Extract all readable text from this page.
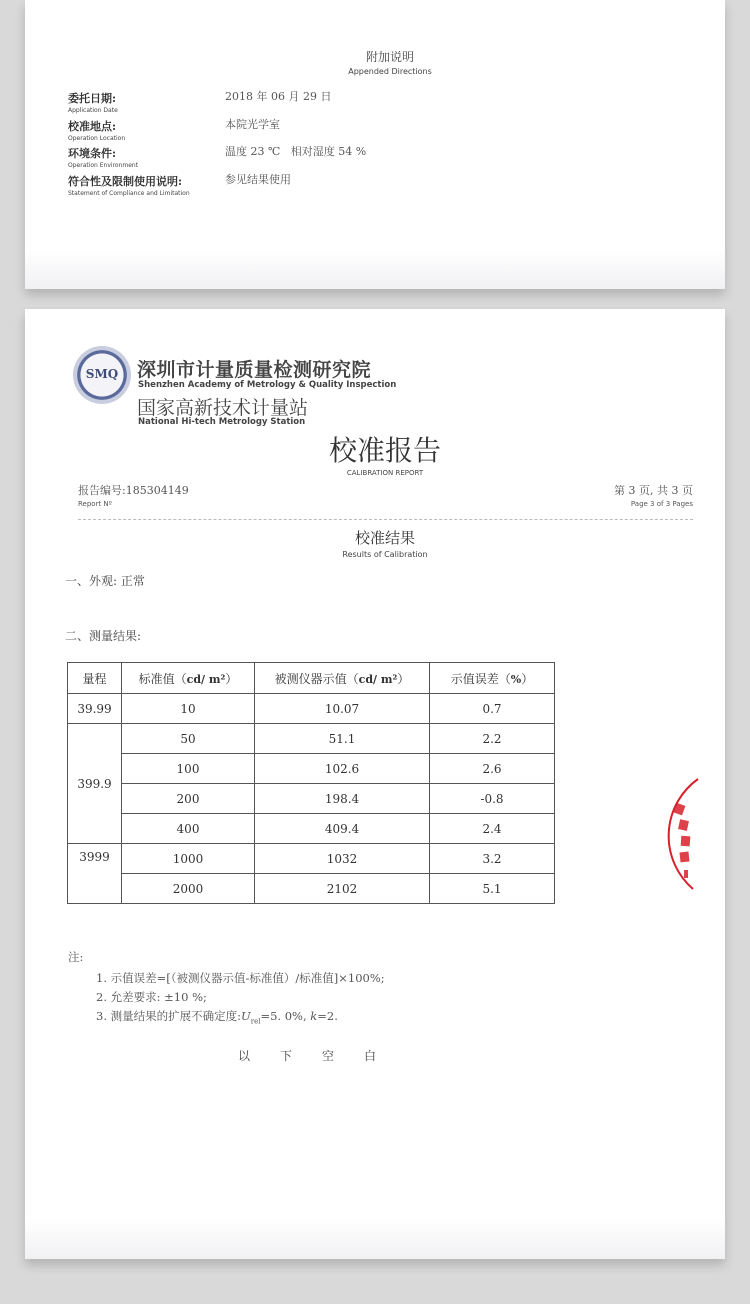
附加说明
Appended Directions
委托日期:
Application Date
2018 年 06 月 29 日
校准地点:
Operation Location
本院光学室
环境条件:
Operation Environment
温度 23 ℃   相对湿度 54 %
符合性及限制使用说明:
Statement of Compliance and Limitation
参见结果使用
SMQ 深圳市计量质量检测研究院
Shenzhen Academy of Metrology & Quality Inspection
国家高新技术计量站
National Hi-tech Metrology Station
校准报告
CALIBRATION REPORT
报告编号:185304149
Report Nº
第 3 页, 共 3 页
Page 3 of 3 Pages
校准结果
Results of Calibration
一、外观: 正常
二、测量结果:
量程	标准值（cd/ m²）	被测仪器示值（cd/ m²）	示值误差（%）
39.99	10	10.07	0.7
399.9	50	51.1	2.2
	100	102.6	2.6
	200	198.4	-0.8
	400	409.4	2.4
3999	1000	1032	3.2
	2000	2102	5.1
注:
1. 示值误差=[（被测仪器示值-标准值）/标准值]×100%;
2. 允差要求: ±10 %;
3. 测量结果的扩展不确定度$:U_{rel}=5$. 0%, k=2.
以下空白
